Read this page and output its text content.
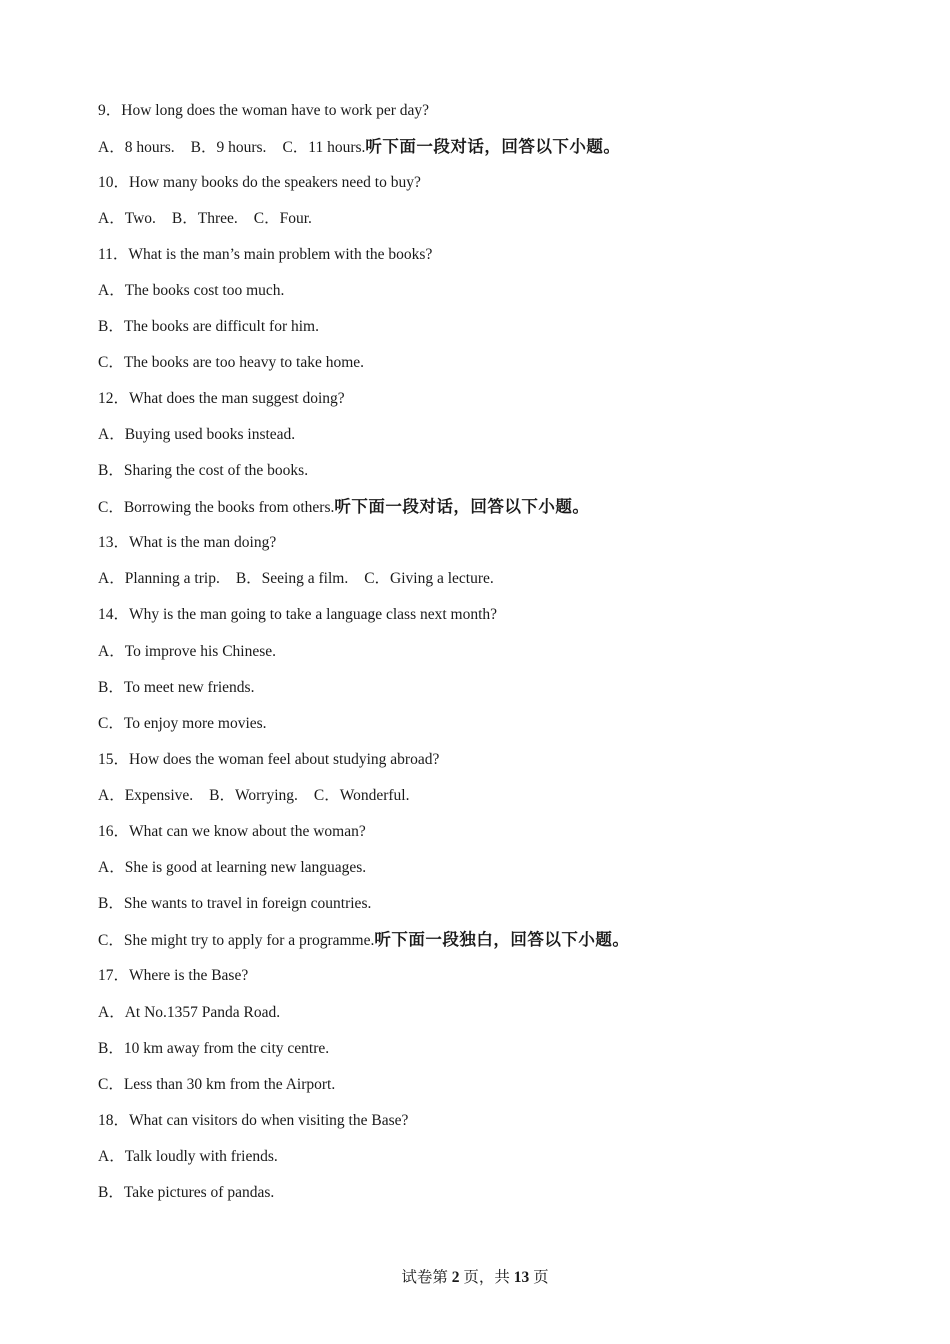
9．How long does the woman have to work per day?
A．8 hours. B．9 hours. C．11 hours.听下面一段对话，回答以下小题。
10．How many books do the speakers need to buy?
A．Two. B．Three. C．Four.
11．What is the man’s main problem with the books?
A．The books cost too much.
B．The books are difficult for him.
C．The books are too heavy to take home.
12．What does the man suggest doing?
A．Buying used books instead.
B．Sharing the cost of the books.
C．Borrowing the books from others.听下面一段对话，回答以下小题。
13．What is the man doing?
A．Planning a trip. B．Seeing a film. C．Giving a lecture.
14．Why is the man going to take a language class next month?
A．To improve his Chinese.
B．To meet new friends.
C．To enjoy more movies.
15．How does the woman feel about studying abroad?
A．Expensive. B．Worrying. C．Wonderful.
16．What can we know about the woman?
A．She is good at learning new languages.
B．She wants to travel in foreign countries.
C．She might try to apply for a programme.听下面一段独白，回答以下小题。
17．Where is the Base?
A．At No.1357 Panda Road.
B．10 km away from the city centre.
C．Less than 30 km from the Airport.
18．What can visitors do when visiting the Base?
A．Talk loudly with friends.
B．Take pictures of pandas.
试卷第 2 页，共 13 页
